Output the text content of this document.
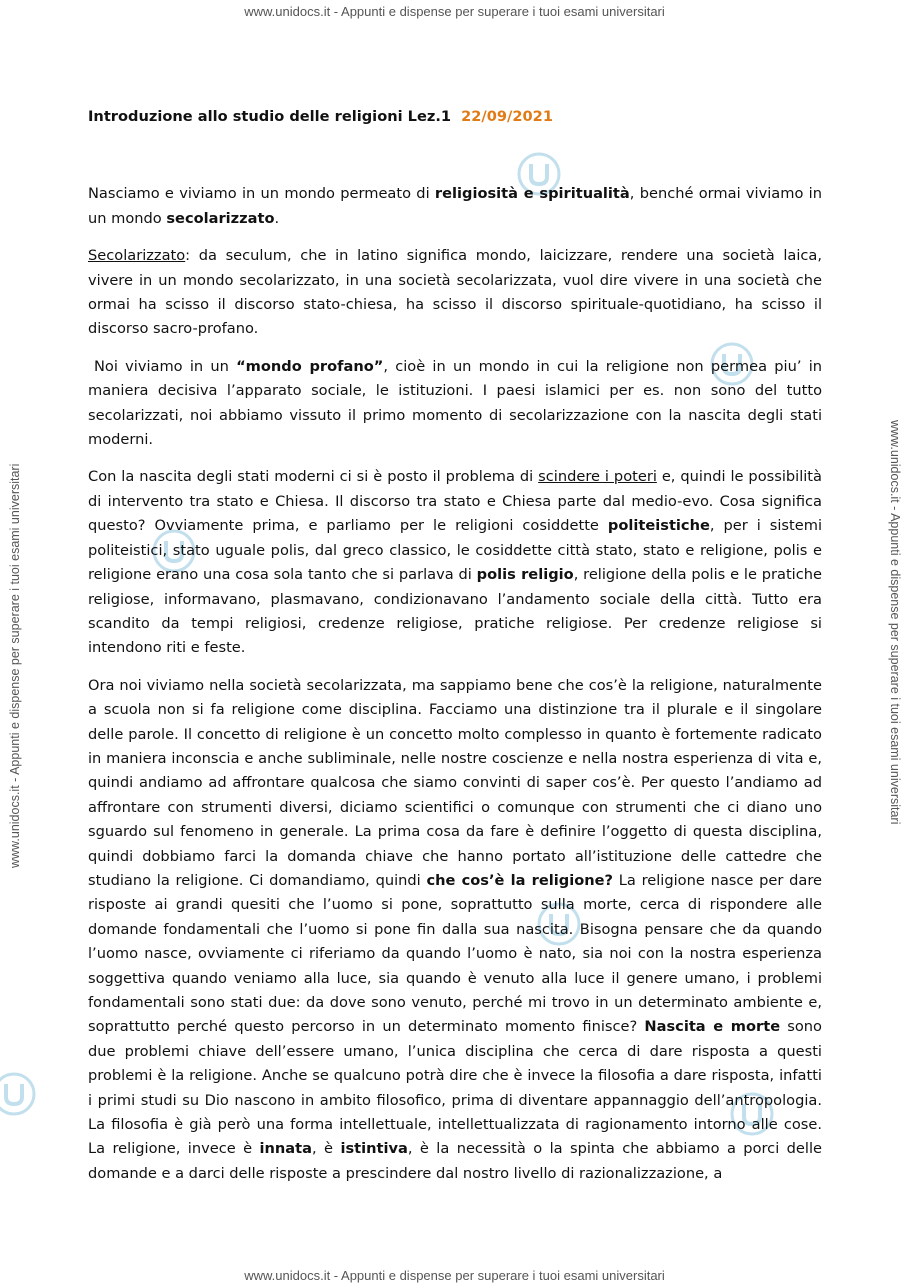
www.unidocs.it - Appunti e dispense per superare i tuoi esami universitari
www.unidocs.it - Appunti e dispense per superare i tuoi esami universitari
www.unidocs.it - Appunti e dispense per superare i tuoi esami universitari
Introduzione allo studio delle religioni Lez.1 22/09/2021

Nasciamo e viviamo in un mondo permeato di religiosità e spiritualità, benché ormai viviamo in un mondo secolarizzato.

Secolarizzato: da seculum, che in latino significa mondo, laicizzare, rendere una società laica, vivere in un mondo secolarizzato, in una società secolarizzata, vuol dire vivere in una società che ormai ha scisso il discorso stato-chiesa, ha scisso il discorso spirituale-quotidiano, ha scisso il discorso sacro-profano.

Noi viviamo in un “mondo profano”, cioè in un mondo in cui la religione non permea piu’ in maniera decisiva l’apparato sociale, le istituzioni. I paesi islamici per es. non sono del tutto secolarizzati, noi abbiamo vissuto il primo momento di secolarizzazione con la nascita degli stati moderni.

Con la nascita degli stati moderni ci si è posto il problema di scindere i poteri e, quindi le possibilità di intervento tra stato e Chiesa. Il discorso tra stato e Chiesa parte dal medio-evo. Cosa significa questo? Ovviamente prima, e parliamo per le religioni cosiddette politeistiche, per i sistemi politeistici, stato uguale polis, dal greco classico, le cosiddette città stato, stato e religione, polis e religione erano una cosa sola tanto che si parlava di polis religio, religione della polis e le pratiche religiose, informavano, plasmavano, condizionavano l’andamento sociale della città. Tutto era scandito da tempi religiosi, credenze religiose, pratiche religiose. Per credenze religiose si intendono riti e feste.

Ora noi viviamo nella società secolarizzata, ma sappiamo bene che cos’è la religione, naturalmente a scuola non si fa religione come disciplina. Facciamo una distinzione tra il plurale e il singolare delle parole. Il concetto di religione è un concetto molto complesso in quanto è fortemente radicato in maniera inconscia e anche subliminale, nelle nostre coscienze e nella nostra esperienza di vita e, quindi andiamo ad affrontare qualcosa che siamo convinti di saper cos’è. Per questo l’andiamo ad affrontare con strumenti diversi, diciamo scientifici o comunque con strumenti che ci diano uno sguardo sul fenomeno in generale. La prima cosa da fare è definire l’oggetto di questa disciplina, quindi dobbiamo farci la domanda chiave che hanno portato all’istituzione delle cattedre che studiano la religione. Ci domandiamo, quindi che cos’è la religione? La religione nasce per dare risposte ai grandi quesiti che l’uomo si pone, soprattutto sulla morte, cerca di rispondere alle domande fondamentali che l’uomo si pone fin dalla sua nascita. Bisogna pensare che da quando l’uomo nasce, ovviamente ci riferiamo da quando l’uomo è nato, sia noi con la nostra esperienza soggettiva quando veniamo alla luce, sia quando è venuto alla luce il genere umano, i problemi fondamentali sono stati due: da dove sono venuto, perché mi trovo in un determinato ambiente e, soprattutto perché questo percorso in un determinato momento finisce? Nascita e morte sono due problemi chiave dell’essere umano, l’unica disciplina che cerca di dare risposta a questi problemi è la religione. Anche se qualcuno potrà dire che è invece la filosofia a dare risposta, infatti i primi studi su Dio nascono in ambito filosofico, prima di diventare appannaggio dell’antropologia. La filosofia è già però una forma intellettuale, intellettualizzata di ragionamento intorno alle cose. La religione, invece è innata, è istintiva, è la necessità o la spinta che abbiamo a porci delle domande e a darci delle risposte a prescindere dal nostro livello di razionalizzazione, a

www.unidocs.it - Appunti e dispense per superare i tuoi esami universitari
